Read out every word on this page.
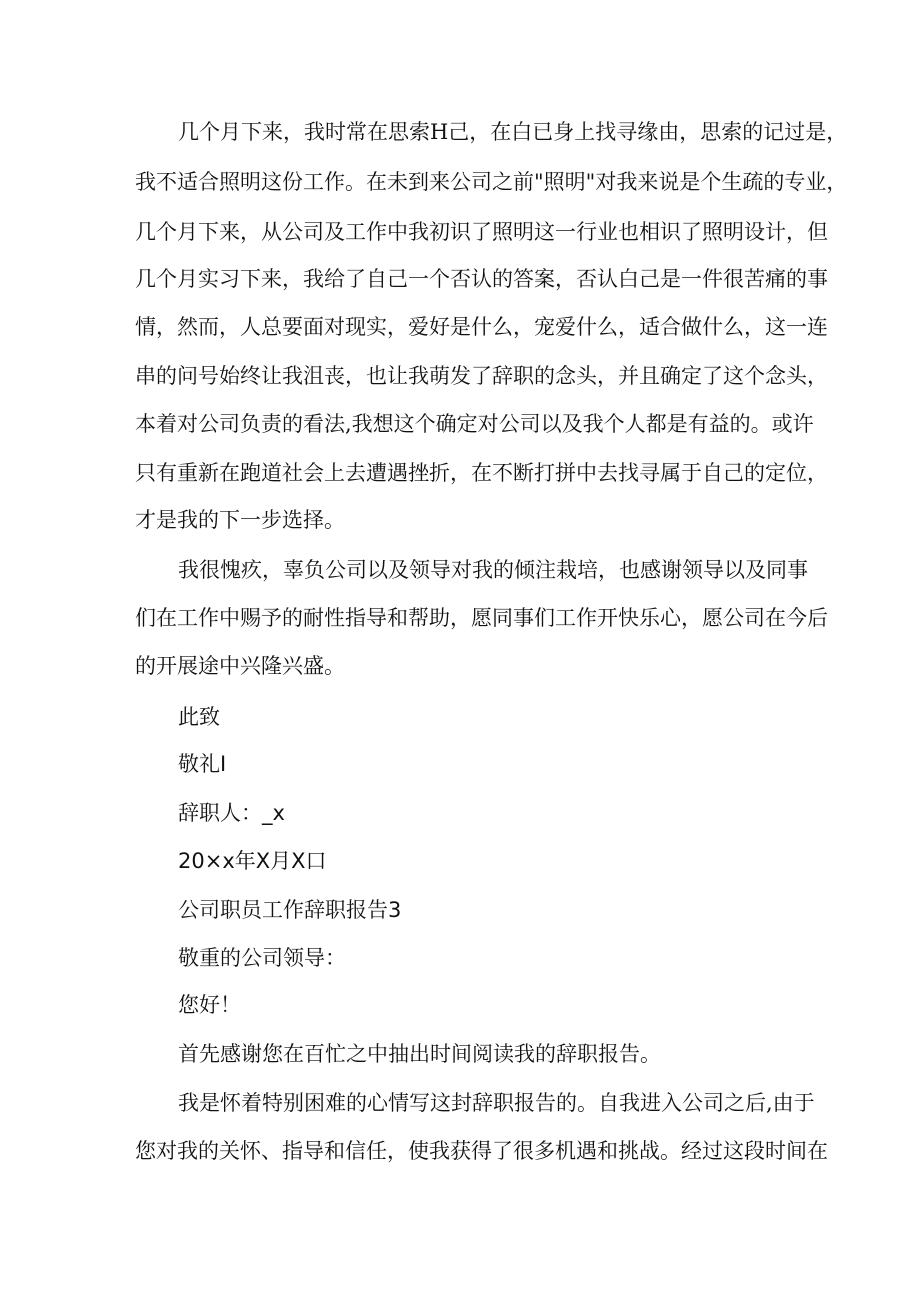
几个月下来，我时常在思索H己，在白已身上找寻缘由，思索的记过是，
我不适合照明这份工作。在未到来公司之前"照明"对我来说是个生疏的专业，
几个月下来，从公司及工作中我初识了照明这一行业也相识了照明设计，但
几个月实习下来，我给了自己一个否认的答案，否认白己是一件很苦痛的事
情，然而，人总要面对现实，爱好是什么，宠爱什么，适合做什么，这一连
串的问号始终让我沮丧，也让我萌发了辞职的念头，并且确定了这个念头，
本着对公司负责的看法,我想这个确定对公司以及我个人都是有益的。或许
只有重新在跑道社会上去遭遇挫折，在不断打拼中去找寻属于自己的定位，
才是我的下一步选择。
我很愧疚，辜负公司以及领导对我的倾注栽培，也感谢领导以及同事
们在工作中赐予的耐性指导和帮助，愿同事们工作开快乐心，愿公司在今后
的开展途中兴隆兴盛。
此致
敬礼I
辞职人：_x
20×x年X月X口
公司职员工作辞职报告3
敬重的公司领导：
您好！
首先感谢您在百忙之中抽出时间阅读我的辞职报告。
我是怀着特别困难的心情写这封辞职报告的。自我进入公司之后,由于
您对我的关怀、指导和信任，使我获得了很多机遇和挑战。经过这段时间在
